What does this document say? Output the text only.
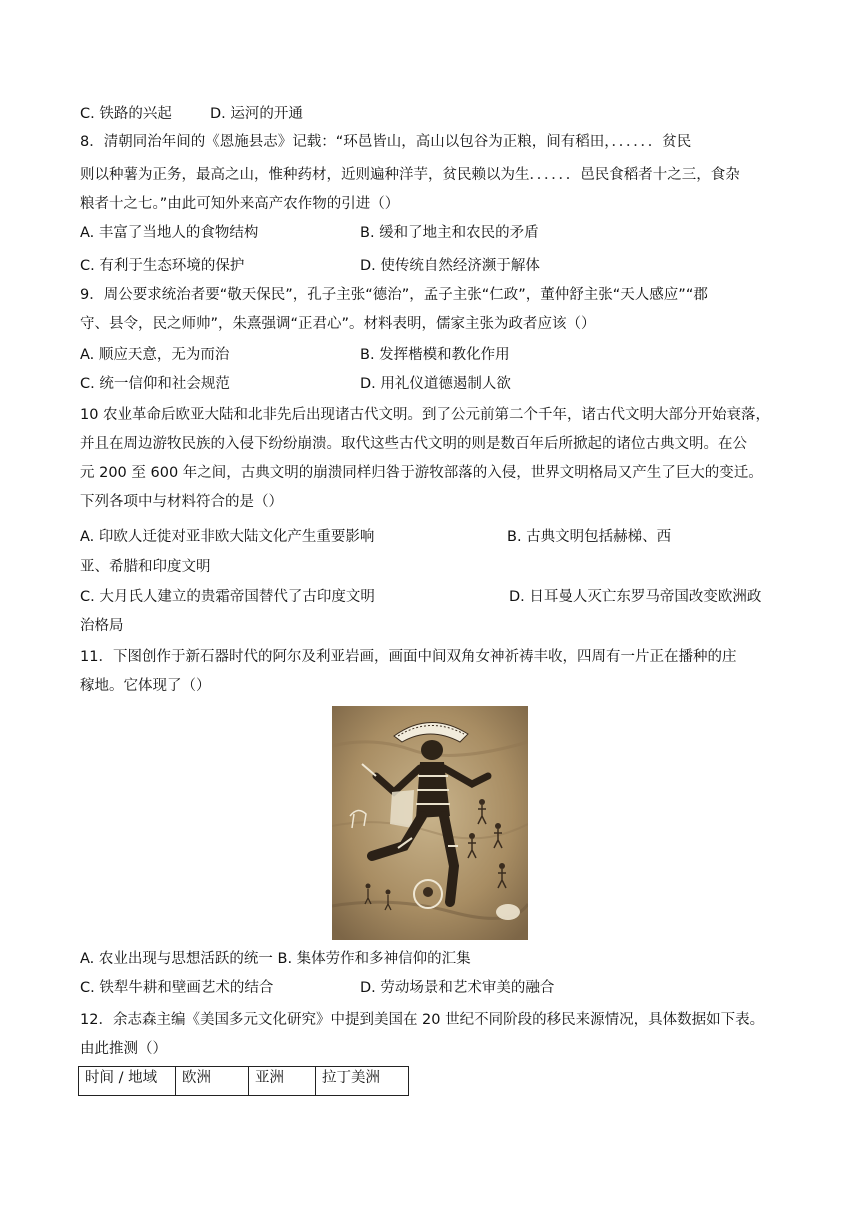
C. 铁路的兴起	D. 运河的开通
8．清朝同治年间的《恩施县志》记载：“环邑皆山，高山以包谷为正粮，间有稻田，．．．．．．贫民
则以种薯为正务，最高之山，惟种药材，近则遍种洋芋，贫民赖以为生．．．．．．邑民食稻者十之三，食杂
粮者十之七。”由此可知外来高产农作物的引进（）
A. 丰富了当地人的食物结构	B. 缓和了地主和农民的矛盾
C. 有利于生态环境的保护	D. 使传统自然经济濒于解体
9．周公要求统治者要“敬天保民”，孔子主张“德治”，孟子主张“仁政”，董仲舒主张“天人感应”“郡
守、县令，民之师帅”，朱熹强调“正君心”。材料表明，儒家主张为政者应该（）
A. 顺应天意，无为而治	B. 发挥楷模和教化作用
C. 统一信仰和社会规范	D. 用礼仪道德遏制人欲
10 农业革命后欧亚大陆和北非先后出现诸古代文明。到了公元前第二个千年，诸古代文明大部分开始衰落，
并且在周边游牧民族的入侵下纷纷崩溃。取代这些古代文明的则是数百年后所掀起的诸位古典文明。在公
元 200 至 600 年之间，古典文明的崩溃同样归咎于游牧部落的入侵，世界文明格局又产生了巨大的变迁。
下列各项中与材料符合的是（）
A. 印欧人迁徙对亚非欧大陆文化产生重要影响	B. 古典文明包括赫梯、西
亚、希腊和印度文明
C. 大月氏人建立的贵霜帝国替代了古印度文明	D. 日耳曼人灭亡东罗马帝国改变欧洲政
治格局
11．下图创作于新石器时代的阿尔及利亚岩画，画面中间双角女神祈祷丰收，四周有一片正在播种的庄
稼地。它体现了（）
A. 农业出现与思想活跃的统一 B. 集体劳作和多神信仰的汇集
C. 铁犁牛耕和壁画艺术的结合	D. 劳动场景和艺术审美的融合
12．余志森主编《美国多元文化研究》中提到美国在 20 世纪不同阶段的移民来源情况，具体数据如下表。
由此推测（）
时间 / 地域	欧洲	亚洲	拉丁美洲
